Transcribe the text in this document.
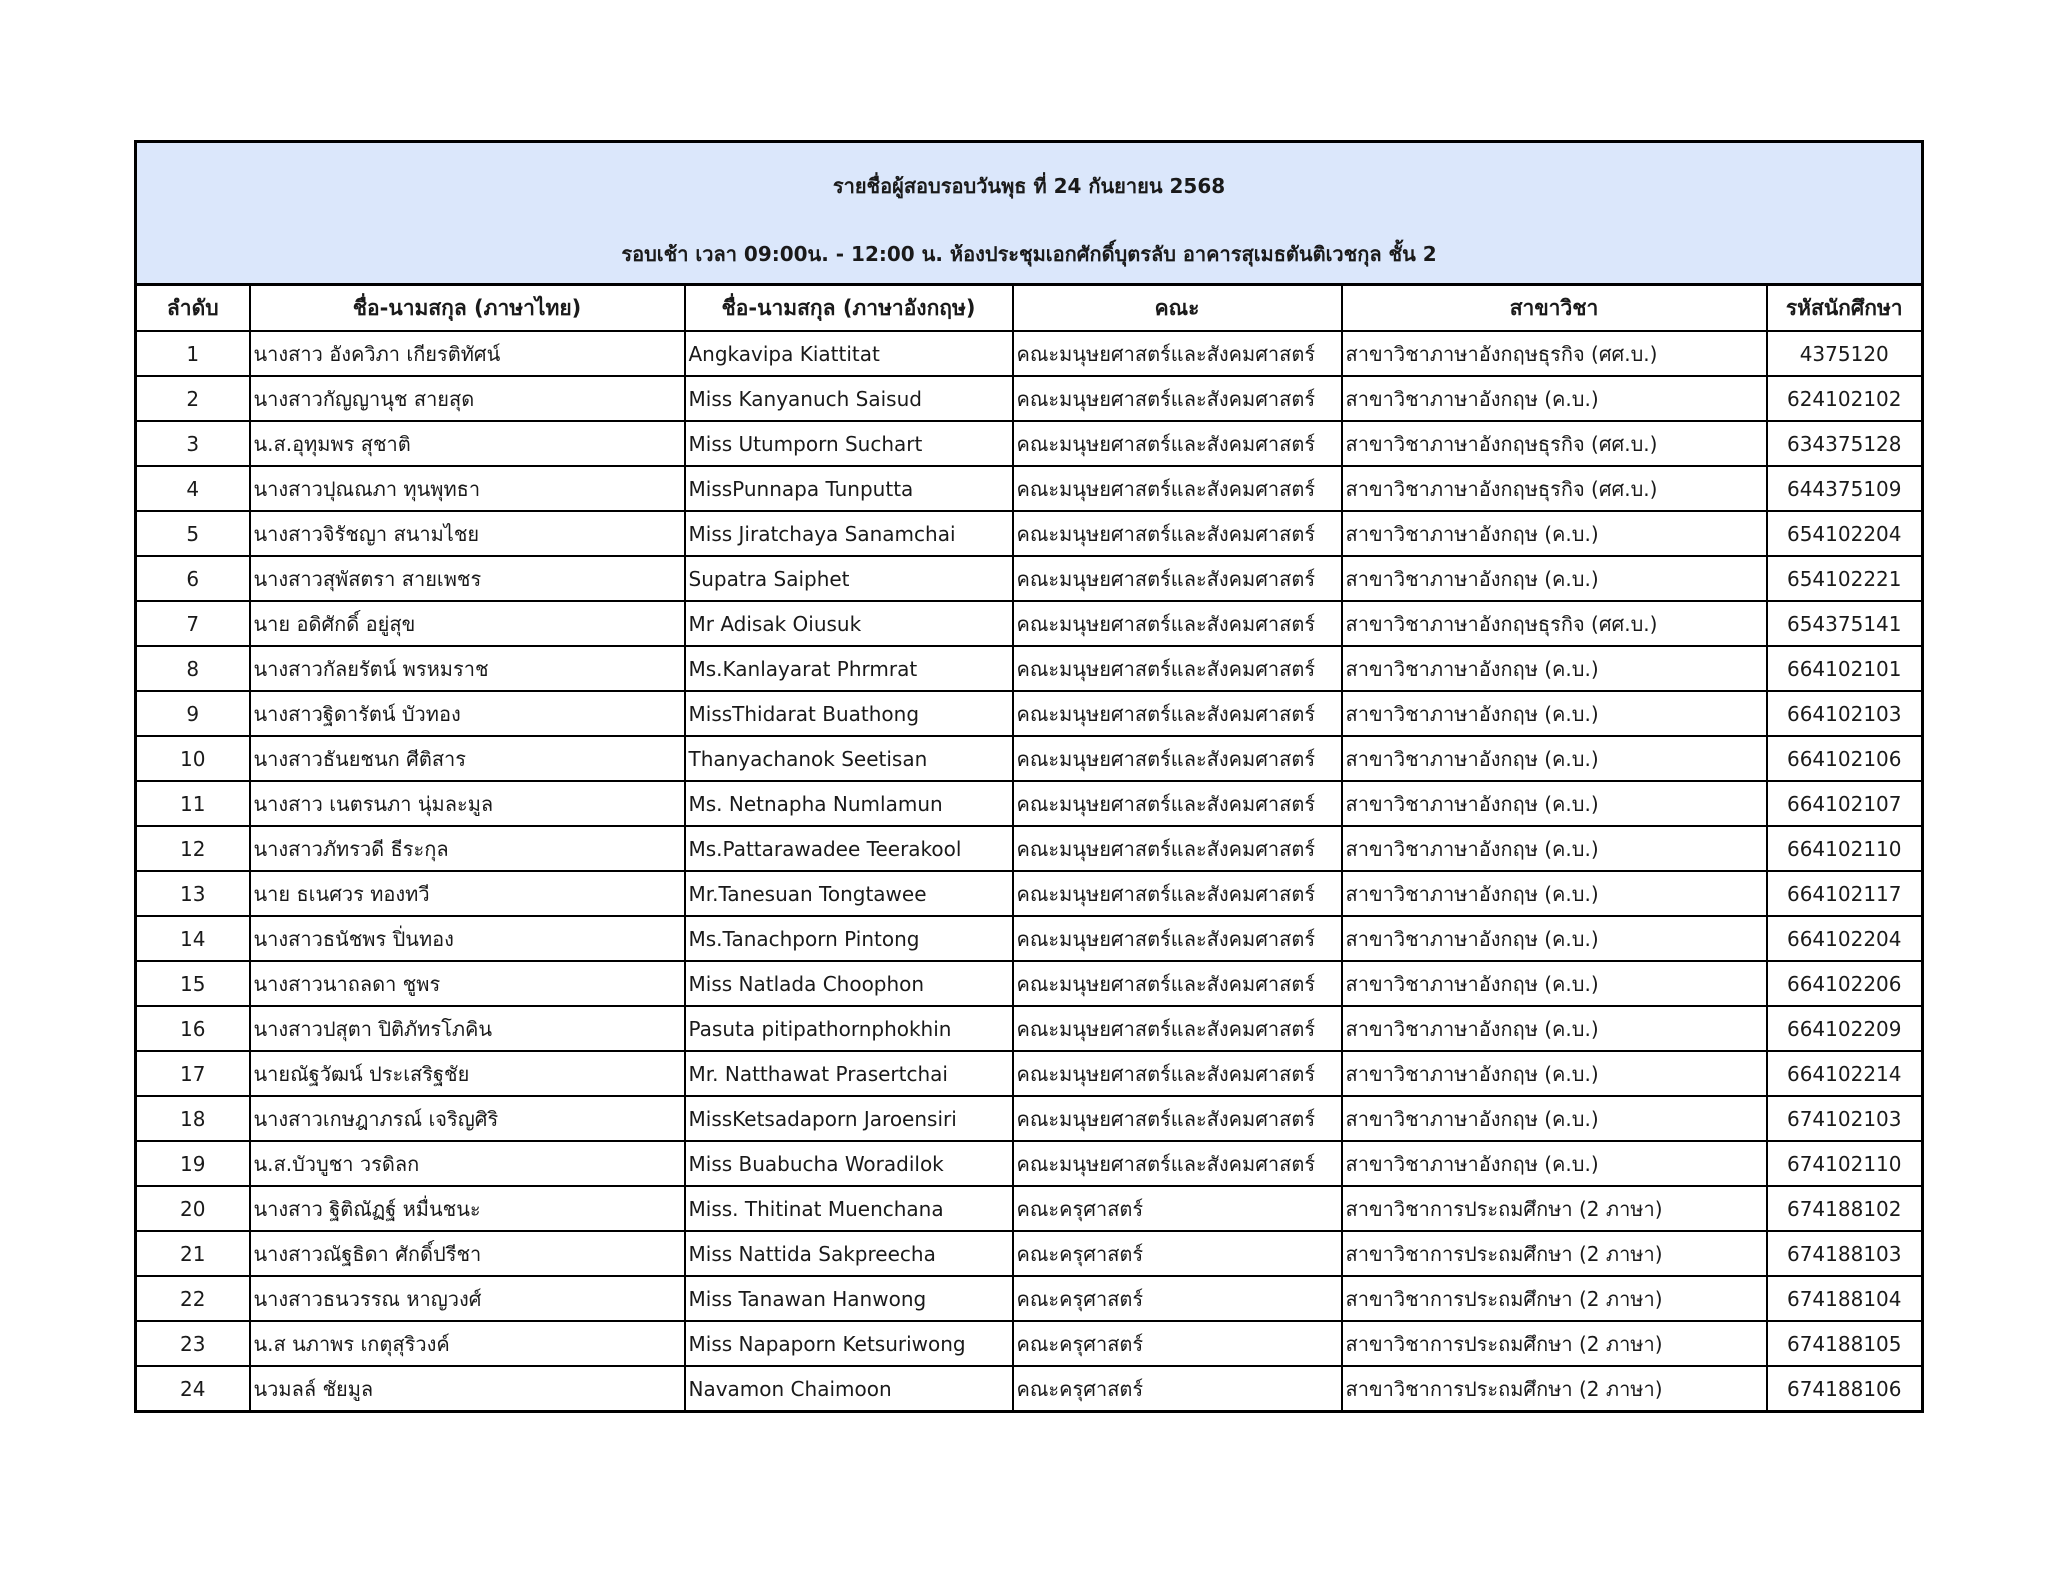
รายชื่อผู้สอบรอบวันพุธ ที่ 24 กันยายน 2568
รอบเช้า เวลา 09:00น. - 12:00 น. ห้องประชุมเอกศักดิ์บุตรลับ อาคารสุเมธตันติเวชกุล ชั้น 2					

ลำดับ	ชื่อ-นามสกุล (ภาษาไทย)	ชื่อ-นามสกุล (ภาษาอังกฤษ)	คณะ	สาขาวิชา	รหัสนักศึกษา
1	นางสาว อังควิภา เกียรติทัศน์	Angkavipa Kiattitat	คณะมนุษยศาสตร์และสังคมศาสตร์	สาขาวิชาภาษาอังกฤษธุรกิจ (ศศ.บ.)	4375120
2	นางสาวกัญญานุช สายสุด	Miss Kanyanuch Saisud	คณะมนุษยศาสตร์และสังคมศาสตร์	สาขาวิชาภาษาอังกฤษ (ค.บ.)	624102102
3	น.ส.อุทุมพร สุชาติ	Miss Utumporn Suchart	คณะมนุษยศาสตร์และสังคมศาสตร์	สาขาวิชาภาษาอังกฤษธุรกิจ (ศศ.บ.)	634375128
4	นางสาวปุณณภา ทุนพุทธา	MissPunnapa Tunputta	คณะมนุษยศาสตร์และสังคมศาสตร์	สาขาวิชาภาษาอังกฤษธุรกิจ (ศศ.บ.)	644375109
5	นางสาวจิรัชญา สนามไชย	Miss Jiratchaya Sanamchai	คณะมนุษยศาสตร์และสังคมศาสตร์	สาขาวิชาภาษาอังกฤษ (ค.บ.)	654102204
6	นางสาวสุพัสตรา สายเพชร	Supatra Saiphet	คณะมนุษยศาสตร์และสังคมศาสตร์	สาขาวิชาภาษาอังกฤษ (ค.บ.)	654102221
7	นาย อดิศักดิ์ อยู่สุข	Mr Adisak Oiusuk	คณะมนุษยศาสตร์และสังคมศาสตร์	สาขาวิชาภาษาอังกฤษธุรกิจ (ศศ.บ.)	654375141
8	นางสาวกัลยรัตน์ พรหมราช	Ms.Kanlayarat Phrmrat	คณะมนุษยศาสตร์และสังคมศาสตร์	สาขาวิชาภาษาอังกฤษ (ค.บ.)	664102101
9	นางสาวฐิดารัตน์ บัวทอง	MissThidarat Buathong	คณะมนุษยศาสตร์และสังคมศาสตร์	สาขาวิชาภาษาอังกฤษ (ค.บ.)	664102103
10	นางสาวธันยชนก ศีติสาร	Thanyachanok Seetisan	คณะมนุษยศาสตร์และสังคมศาสตร์	สาขาวิชาภาษาอังกฤษ (ค.บ.)	664102106
11	นางสาว เนตรนภา นุ่มละมูล	Ms. Netnapha Numlamun	คณะมนุษยศาสตร์และสังคมศาสตร์	สาขาวิชาภาษาอังกฤษ (ค.บ.)	664102107
12	นางสาวภัทรวดี ธีระกุล	Ms.Pattarawadee Teerakool	คณะมนุษยศาสตร์และสังคมศาสตร์	สาขาวิชาภาษาอังกฤษ (ค.บ.)	664102110
13	นาย ธเนศวร ทองทวี	Mr.Tanesuan Tongtawee	คณะมนุษยศาสตร์และสังคมศาสตร์	สาขาวิชาภาษาอังกฤษ (ค.บ.)	664102117
14	นางสาวธนัชพร ปิ่นทอง	Ms.Tanachporn Pintong	คณะมนุษยศาสตร์และสังคมศาสตร์	สาขาวิชาภาษาอังกฤษ (ค.บ.)	664102204
15	นางสาวนาถลดา ชูพร	Miss Natlada Choophon	คณะมนุษยศาสตร์และสังคมศาสตร์	สาขาวิชาภาษาอังกฤษ (ค.บ.)	664102206
16	นางสาวปสุตา ปิติภัทรโภคิน	Pasuta pitipathornphokhin	คณะมนุษยศาสตร์และสังคมศาสตร์	สาขาวิชาภาษาอังกฤษ (ค.บ.)	664102209
17	นายณัฐวัฒน์ ประเสริฐชัย	Mr. Natthawat Prasertchai	คณะมนุษยศาสตร์และสังคมศาสตร์	สาขาวิชาภาษาอังกฤษ (ค.บ.)	664102214
18	นางสาวเกษฎาภรณ์ เจริญศิริ	MissKetsadaporn Jaroensiri	คณะมนุษยศาสตร์และสังคมศาสตร์	สาขาวิชาภาษาอังกฤษ (ค.บ.)	674102103
19	น.ส.บัวบูชา วรดิลก	Miss Buabucha Woradilok	คณะมนุษยศาสตร์และสังคมศาสตร์	สาขาวิชาภาษาอังกฤษ (ค.บ.)	674102110
20	นางสาว ฐิติณัฏฐ์ หมื่นชนะ	Miss. Thitinat Muenchana	คณะครุศาสตร์	สาขาวิชาการประถมศึกษา (2 ภาษา)	674188102
21	นางสาวณัฐธิดา ศักดิ์ปรีชา	Miss Nattida Sakpreecha	คณะครุศาสตร์	สาขาวิชาการประถมศึกษา (2 ภาษา)	674188103
22	นางสาวธนวรรณ หาญวงศ์	Miss Tanawan Hanwong	คณะครุศาสตร์	สาขาวิชาการประถมศึกษา (2 ภาษา)	674188104
23	น.ส นภาพร เกตุสุริวงค์	Miss Napaporn Ketsuriwong	คณะครุศาสตร์	สาขาวิชาการประถมศึกษา (2 ภาษา)	674188105
24	นวมลล์ ชัยมูล	Navamon Chaimoon	คณะครุศาสตร์	สาขาวิชาการประถมศึกษา (2 ภาษา)	674188106
